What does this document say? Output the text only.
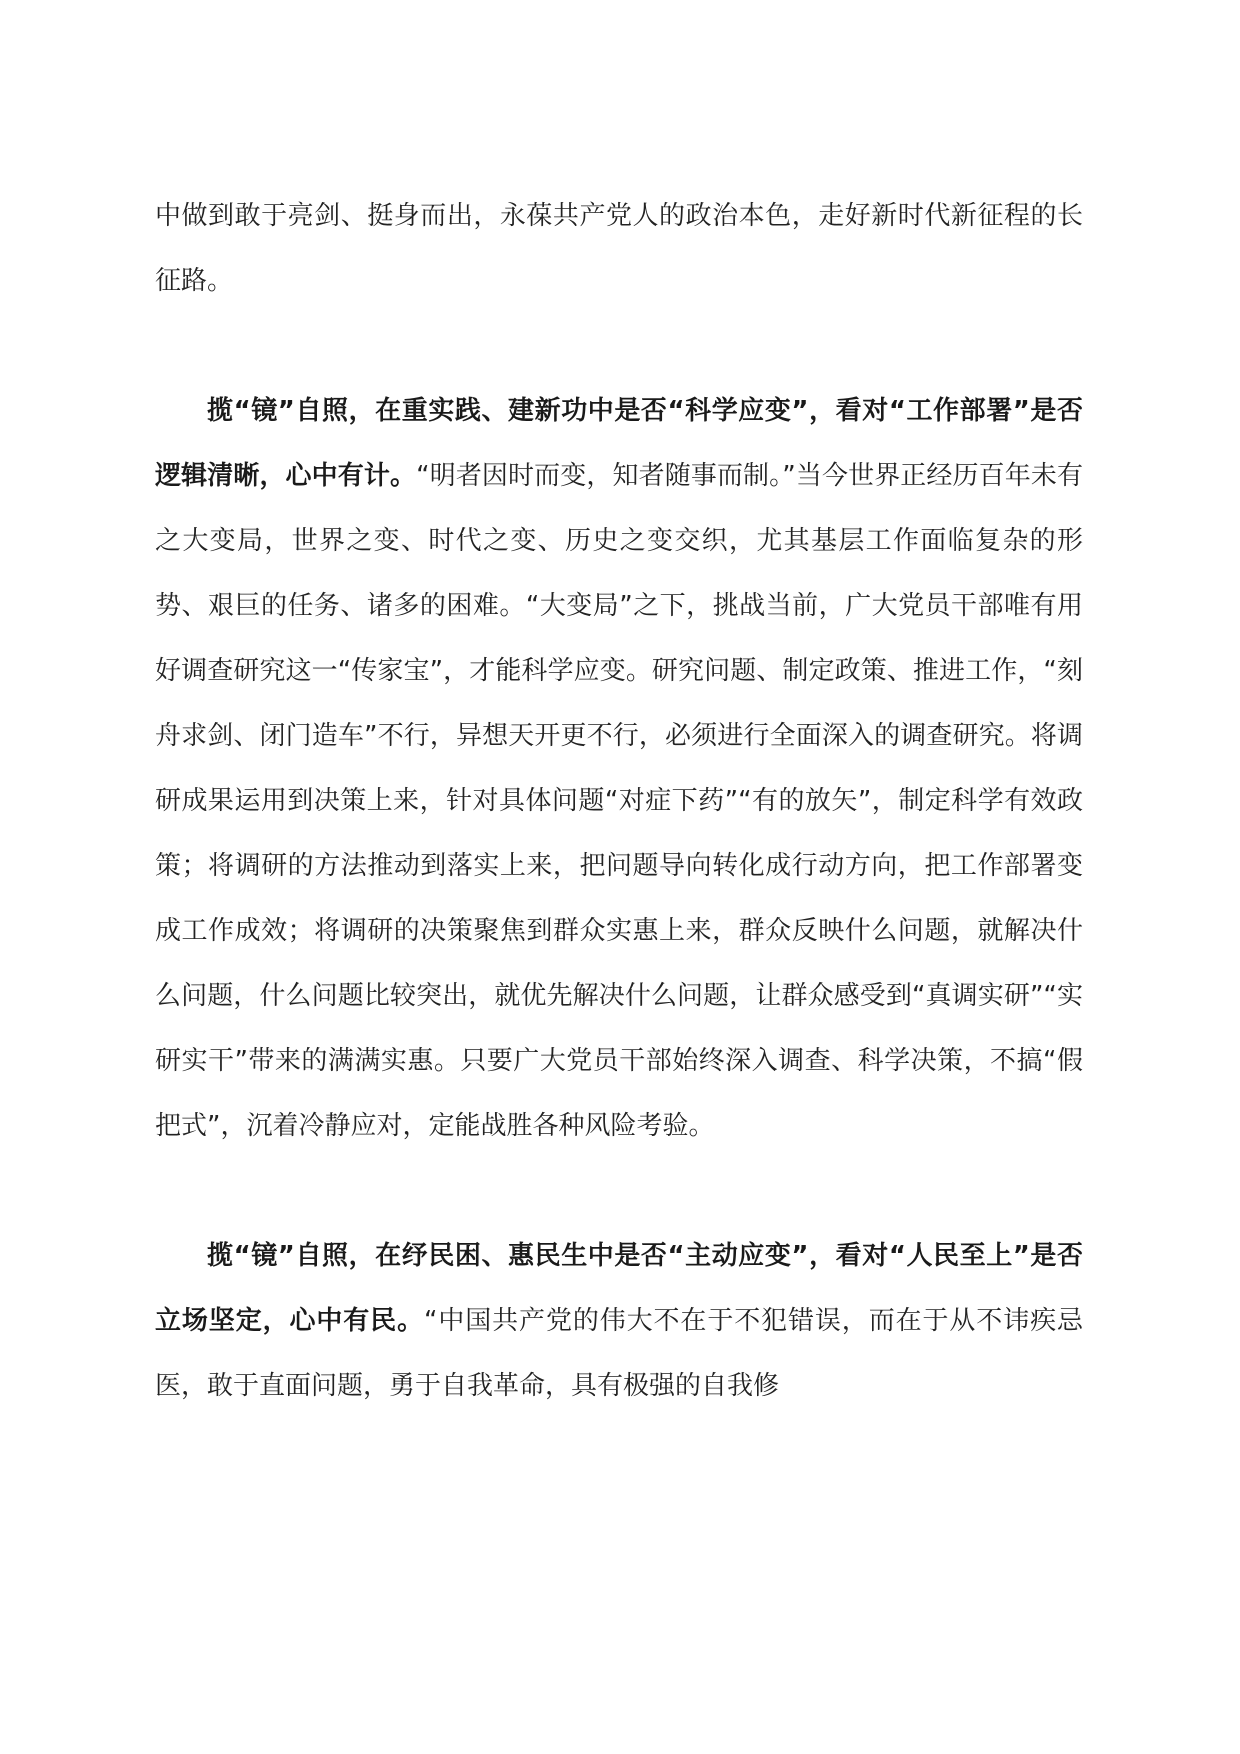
中做到敢于亮剑、挺身而出，永葆共产党人的政治本色，走好新时代新征程的长征路。

揽“镜”自照，在重实践、建新功中是否“科学应变”，看对“工作部署”是否逻辑清晰，心中有计。“明者因时而变，知者随事而制。”当今世界正经历百年未有之大变局，世界之变、时代之变、历史之变交织，尤其基层工作面临复杂的形势、艰巨的任务、诸多的困难。“大变局”之下，挑战当前，广大党员干部唯有用好调查研究这一“传家宝”，才能科学应变。研究问题、制定政策、推进工作，“刻舟求剑、闭门造车”不行，异想天开更不行，必须进行全面深入的调查研究。将调研成果运用到决策上来，针对具体问题“对症下药”“有的放矢”，制定科学有效政策；将调研的方法推动到落实上来，把问题导向转化成行动方向，把工作部署变成工作成效；将调研的决策聚焦到群众实惠上来，群众反映什么问题，就解决什么问题，什么问题比较突出，就优先解决什么问题，让群众感受到“真调实研”“实研实干”带来的满满实惠。只要广大党员干部始终深入调查、科学决策，不搞“假把式”，沉着冷静应对，定能战胜各种风险考验。

揽“镜”自照，在纾民困、惠民生中是否“主动应变”，看对“人民至上”是否立场坚定，心中有民。“中国共产党的伟大不在于不犯错误，而在于从不讳疾忌医，敢于直面问题，勇于自我革命，具有极强的自我修
